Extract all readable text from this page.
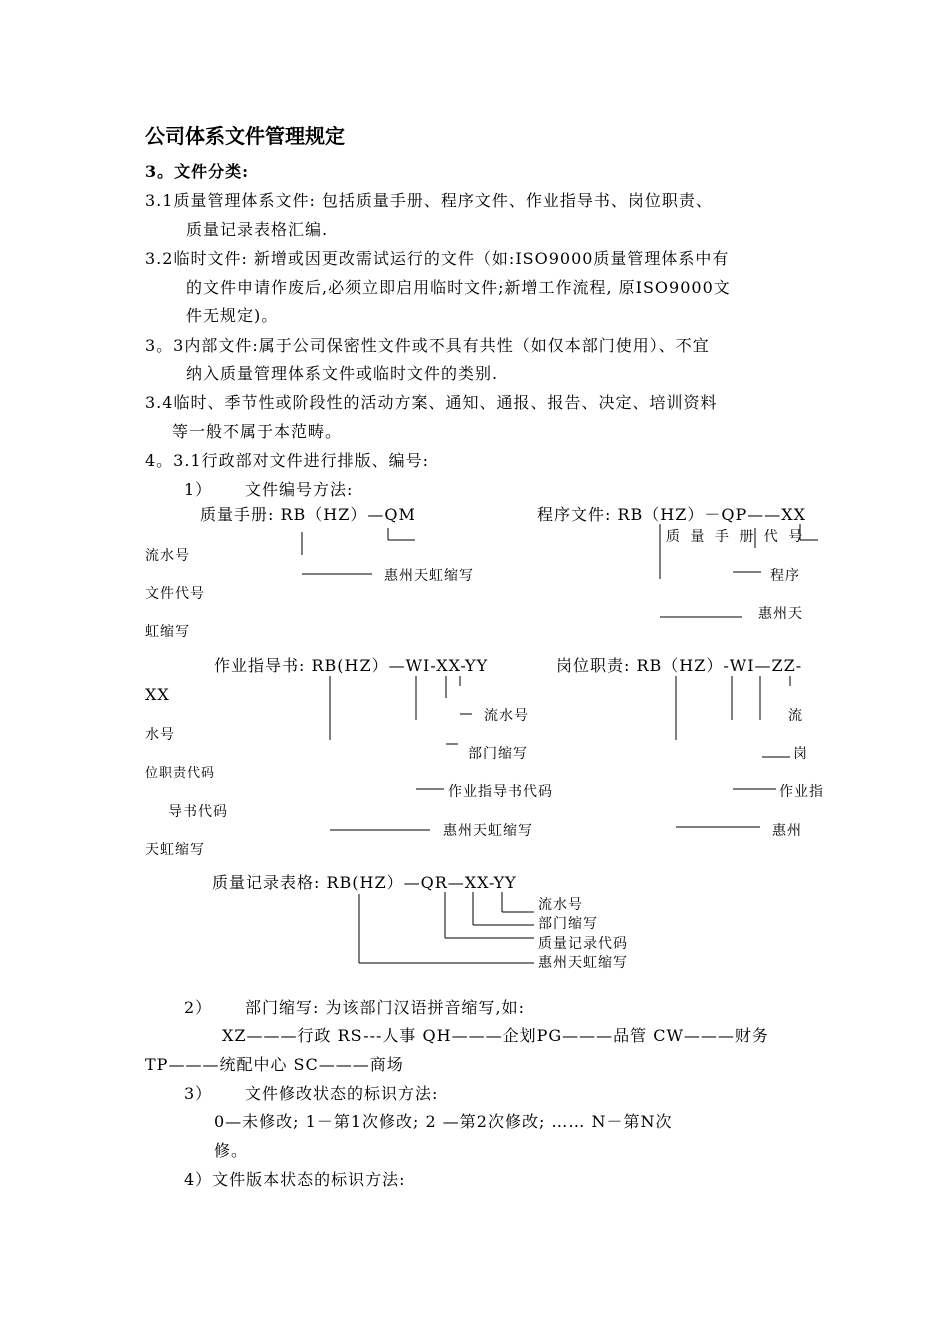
公司体系文件管理规定
3。文件分类:
3.1质量管理体系文件: 包括质量手册、程序文件、作业指导书、岗位职责、
质量记录表格汇编.
3.2临时文件: 新增或因更改需试运行的文件（如:ISO9000质量管理体系中有
的文件申请作废后,必须立即启用临时文件;新增工作流程, 原ISO9000文
件无规定)。
3。3内部文件:属于公司保密性文件或不具有共性（如仅本部门使用）、不宜
纳入质量管理体系文件或临时文件的类别.
3.4临时、季节性或阶段性的活动方案、通知、通报、报告、决定、培训资料
等一般不属于本范畴。
4。3.1行政部对文件进行排版、编号:
1） 文件编号方法:
质量手册: RB（HZ）—QM	程序文件: RB（HZ）－QP——XX
质 量 手 册 代 号
流水号
惠州天虹缩写	程序
文件代号
惠州天
虹缩写
作业指导书: RB(HZ）—WI-XX-YY	岗位职责: RB（HZ）-WI—ZZ-
XX
流水号	流
水号
部门缩写	岗
位职责代码
作业指导书代码	作业指
导书代码
惠州天虹缩写	惠州
天虹缩写
质量记录表格: RB(HZ）—QR—XX-YY
流水号
部门缩写
质量记录代码
惠州天虹缩写
2） 部门缩写: 为该部门汉语拼音缩写,如:
XZ———行政 RS---人事 QH———企划PG———品管 CW———财务
TP———统配中心 SC———商场
3） 文件修改状态的标识方法:
0—未修改; 1－第1次修改; 2 —第2次修改; …… N－第N次
修。
4）文件版本状态的标识方法:
